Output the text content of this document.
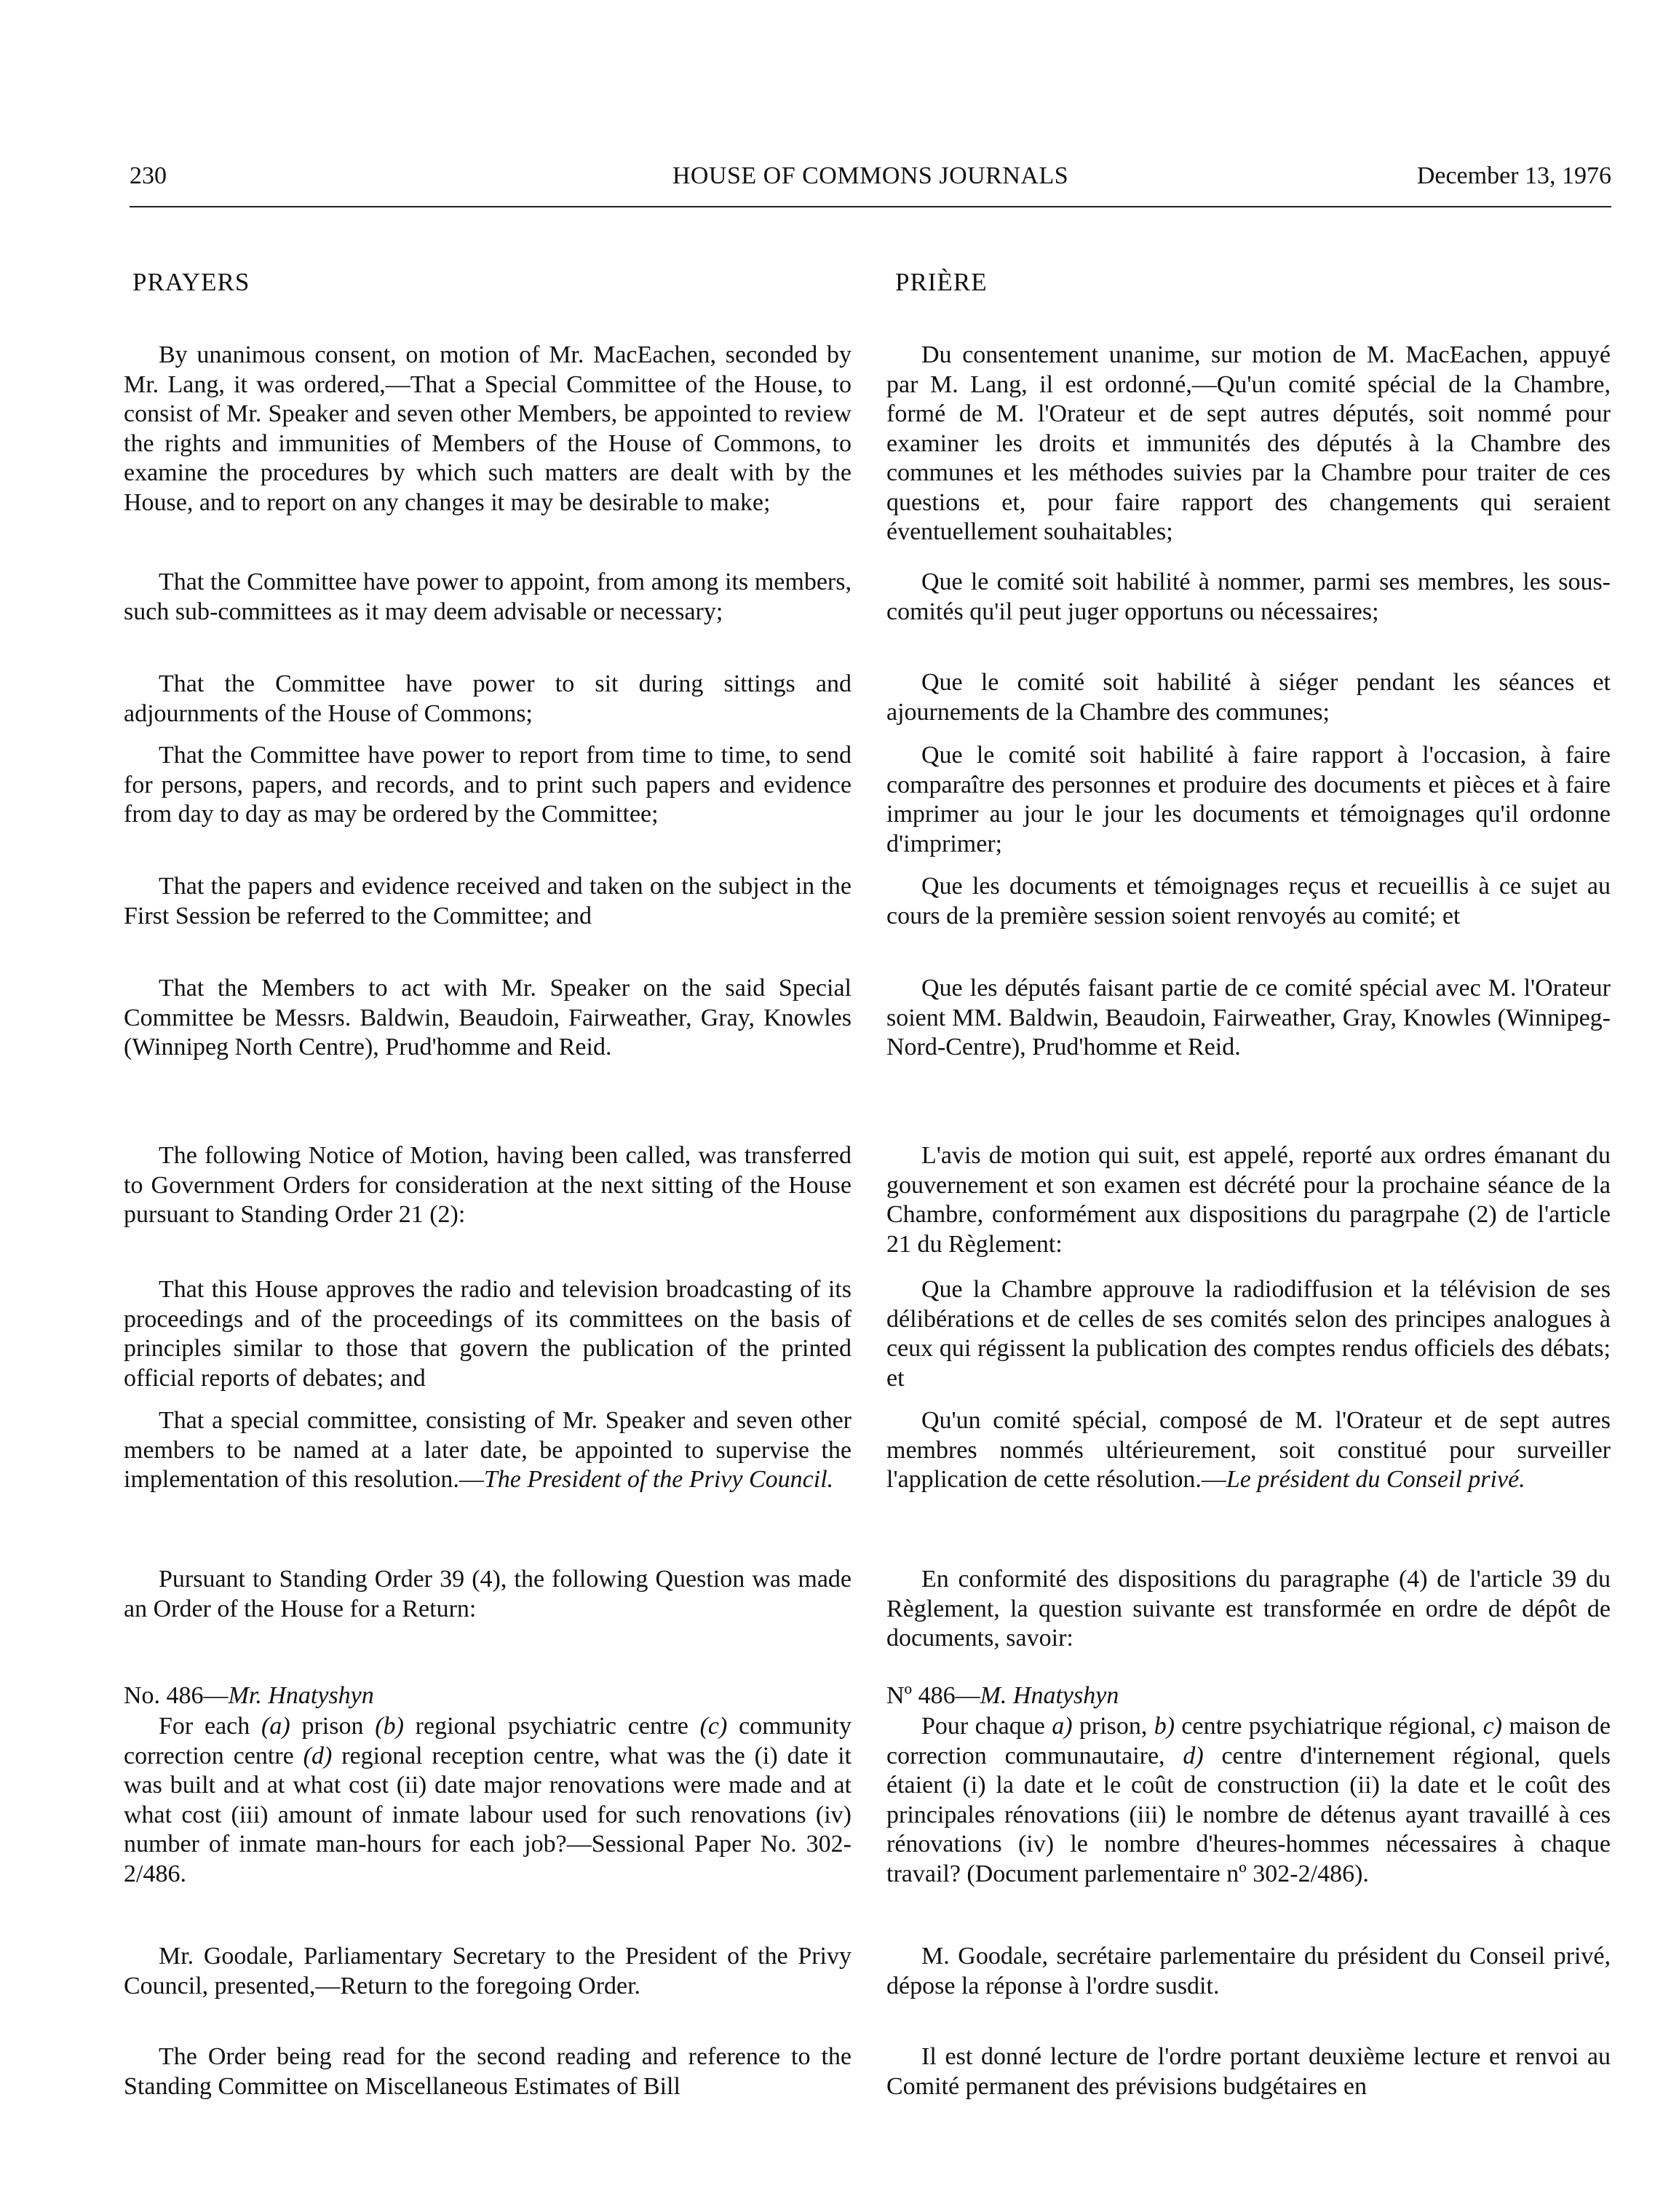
230	HOUSE OF COMMONS JOURNALS	December 13, 1976
PRAYERS

By unanimous consent, on motion of Mr. MacEachen, seconded by Mr. Lang, it was ordered,—That a Special Committee of the House, to consist of Mr. Speaker and seven other Members, be appointed to review the rights and immunities of Members of the House of Commons, to examine the procedures by which such matters are dealt with by the House, and to report on any changes it may be desirable to make;

That the Committee have power to appoint, from among its members, such sub-committees as it may deem advisable or necessary;

That the Committee have power to sit during sittings and adjournments of the House of Commons;

That the Committee have power to report from time to time, to send for persons, papers, and records, and to print such papers and evidence from day to day as may be ordered by the Committee;

That the papers and evidence received and taken on the subject in the First Session be referred to the Committee; and

That the Members to act with Mr. Speaker on the said Special Committee be Messrs. Baldwin, Beaudoin, Fairweather, Gray, Knowles (Winnipeg North Centre), Prud'homme and Reid.

The following Notice of Motion, having been called, was transferred to Government Orders for consideration at the next sitting of the House pursuant to Standing Order 21 (2):

That this House approves the radio and television broadcasting of its proceedings and of the proceedings of its committees on the basis of principles similar to those that govern the publication of the printed official reports of debates; and

That a special committee, consisting of Mr. Speaker and seven other members to be named at a later date, be appointed to supervise the implementation of this resolution.—The President of the Privy Council.

Pursuant to Standing Order 39 (4), the following Question was made an Order of the House for a Return:

No. 486—Mr. Hnatyshyn

For each (a) prison (b) regional psychiatric centre (c) community correction centre (d) regional reception centre, what was the (i) date it was built and at what cost (ii) date major renovations were made and at what cost (iii) amount of inmate labour used for such renovations (iv) number of inmate man-hours for each job?—Sessional Paper No. 302-2/486.

Mr. Goodale, Parliamentary Secretary to the President of the Privy Council, presented,—Return to the foregoing Order.

The Order being read for the second reading and reference to the Standing Committee on Miscellaneous Estimates of Bill

PRIÈRE

Du consentement unanime, sur motion de M. MacEachen, appuyé par M. Lang, il est ordonné,—Qu'un comité spécial de la Chambre, formé de M. l'Orateur et de sept autres députés, soit nommé pour examiner les droits et immunités des députés à la Chambre des communes et les méthodes suivies par la Chambre pour traiter de ces questions et, pour faire rapport des changements qui seraient éventuellement souhaitables;

Que le comité soit habilité à nommer, parmi ses membres, les sous-comités qu'il peut juger opportuns ou nécessaires;

Que le comité soit habilité à siéger pendant les séances et ajournements de la Chambre des communes;

Que le comité soit habilité à faire rapport à l'occasion, à faire comparaître des personnes et produire des documents et pièces et à faire imprimer au jour le jour les documents et témoignages qu'il ordonne d'imprimer;

Que les documents et témoignages reçus et recueillis à ce sujet au cours de la première session soient renvoyés au comité; et

Que les députés faisant partie de ce comité spécial avec M. l'Orateur soient MM. Baldwin, Beaudoin, Fairweather, Gray, Knowles (Winnipeg-Nord-Centre), Prud'homme et Reid.

L'avis de motion qui suit, est appelé, reporté aux ordres émanant du gouvernement et son examen est décrété pour la prochaine séance de la Chambre, conformément aux dispositions du paragrpahe (2) de l'article 21 du Règlement:

Que la Chambre approuve la radiodiffusion et la télévision de ses délibérations et de celles de ses comités selon des principes analogues à ceux qui régissent la publication des comptes rendus officiels des débats; et

Qu'un comité spécial, composé de M. l'Orateur et de sept autres membres nommés ultérieurement, soit constitué pour surveiller l'application de cette résolution.—Le président du Conseil privé.

En conformité des dispositions du paragraphe (4) de l'article 39 du Règlement, la question suivante est transformée en ordre de dépôt de documents, savoir:

Nº 486—M. Hnatyshyn

Pour chaque a) prison, b) centre psychiatrique régional, c) maison de correction communautaire, d) centre d'internement régional, quels étaient (i) la date et le coût de construction (ii) la date et le coût des principales rénovations (iii) le nombre de détenus ayant travaillé à ces rénovations (iv) le nombre d'heures-hommes nécessaires à chaque travail? (Document parlementaire nº 302-2/486).

M. Goodale, secrétaire parlementaire du président du Conseil privé, dépose la réponse à l'ordre susdit.

Il est donné lecture de l'ordre portant deuxième lecture et renvoi au Comité permanent des prévisions budgétaires en
